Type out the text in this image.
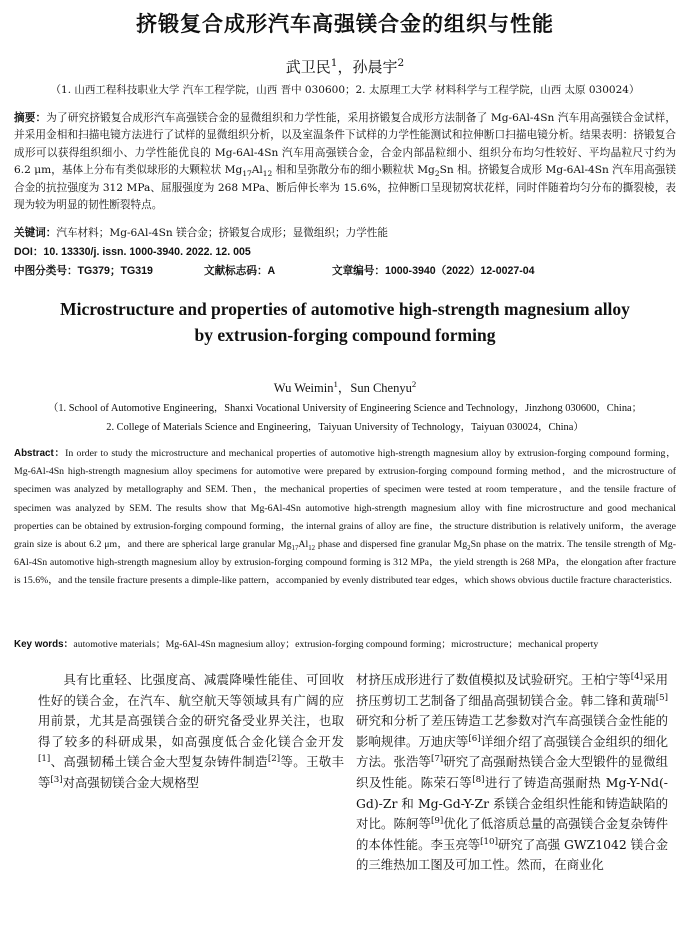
挤锻复合成形汽车高强镁合金的组织与性能
武卫民$^1$，孙晨宇$^2$
（1. 山西工程科技职业大学 汽车工程学院，山西 晋中 030600；2. 太原理工大学 材料科学与工程学院，山西 太原 030024）
摘要：为了研究挤锻复合成形汽车高强镁合金的显微组织和力学性能，采用挤锻复合成形方法制备了 Mg-6Al-4Sn 汽车用高强镁合金试样，并采用金相和扫描电镜方法进行了试样的显微组织分析，以及室温条件下试样的力学性能测试和拉伸断口扫描电镜分析。结果表明：挤锻复合成形可以获得组织细小、力学性能优良的 Mg-6Al-4Sn 汽车用高强镁合金，合金内部晶粒细小、组织分布均匀性较好、平均晶粒尺寸约为 6.2 μm，基体上分布有类似球形的大颗粒状 $Mg_{17}Al_{12}$ 相和呈弥散分布的细小颗粒状 $Mg_2Sn$ 相。挤锻复合成形 Mg-6Al-4Sn 汽车用高强镁合金的抗拉强度为 312 MPa、屈服强度为 268 MPa、断后伸长率为 15.6%，拉伸断口呈现韧窝状花样，同时伴随着均匀分布的撕裂棱，表现为较为明显的韧性断裂特点。
关键词：汽车材料；Mg-6Al-4Sn 镁合金；挤锻复合成形；显微组织；力学性能
DOI：10. 13330/j. issn. 1000-3940. 2022. 12. 005
中图分类号：TG379；TG319	文献标志码：A	文章编号：1000-3940（2022）12-0027-04
Microstructure and properties of automotive high-strength magnesium alloy
by extrusion-forging compound forming
Wu Weimin$^1$，Sun Chenyu$^2$
（1. School of Automotive Engineering，Shanxi Vocational University of Engineering Science and Technology，Jinzhong 030600，China；
2. College of Materials Science and Engineering，Taiyuan University of Technology，Taiyuan 030024，China）
Abstract：In order to study the microstructure and mechanical properties of automotive high-strength magnesium alloy by extrusion-forging compound forming，Mg-6Al-4Sn high-strength magnesium alloy specimens for automotive were prepared by extrusion-forging compound forming method，and the microstructure of specimen was analyzed by metallography and SEM. Then，the mechanical properties of specimen were tested at room temperature，and the tensile fracture of specimen was analyzed by SEM. The results show that Mg-6Al-4Sn automotive high-strength magnesium alloy with fine microstructure and good mechanical properties can be obtained by extrusion-forging compound forming，the internal grains of alloy are fine，the structure distribution is relatively uniform，the average grain size is about 6.2 μm，and there are spherical large granular $Mg_{17}Al_{12}$ phase and dispersed fine granular $Mg_2Sn$ phase on the matrix. The tensile strength of Mg-6Al-4Sn automotive high-strength magnesium alloy by extrusion-forging compound forming is 312 MPa，the yield strength is 268 MPa，the elongation after fracture is 15.6%，and the tensile fracture presents a dimple-like pattern，accompanied by evenly distributed tear edges，which shows obvious ductile fracture characteristics.
Key words：automotive materials；Mg-6Al-4Sn magnesium alloy；extrusion-forging compound forming；microstructure；mechanical property
具有比重轻、比强度高、减震降噪性能佳、可回收性好的镁合金，在汽车、航空航天等领域具有广阔的应用前景，尤其是高强镁合金的研究备受业界关注，也取得了较多的科研成果，如高强度低合金化镁合金开发[1]、高强韧稀土镁合金大型复杂铸件制造[2]等。王敬丰等[3]对高强韧镁合金大规格型
材挤压成形进行了数值模拟及试验研究。王柏宁等[4]采用挤压剪切工艺制备了细晶高强韧镁合金。韩二锋和黄瑞[5]研究和分析了差压铸造工艺参数对汽车高强镁合金性能的影响规律。万迪庆等[6]详细介绍了高强镁合金组织的细化方法。张浩等[7]研究了高强耐热镁合金大型锻件的显微组织及性能。陈荣石等[8]进行了铸造高强耐热 Mg-Y-Nd(-Gd)-Zr 和 Mg-Gd-Y-Zr 系镁合金组织性能和铸造缺陷的对比。陈舸等[9]优化了低溶质总量的高强镁合金复杂铸件的本体性能。李玉亮等[10]研究了高强 GWZ1042 镁合金的三维热加工图及可加工性。然而，在商业化
